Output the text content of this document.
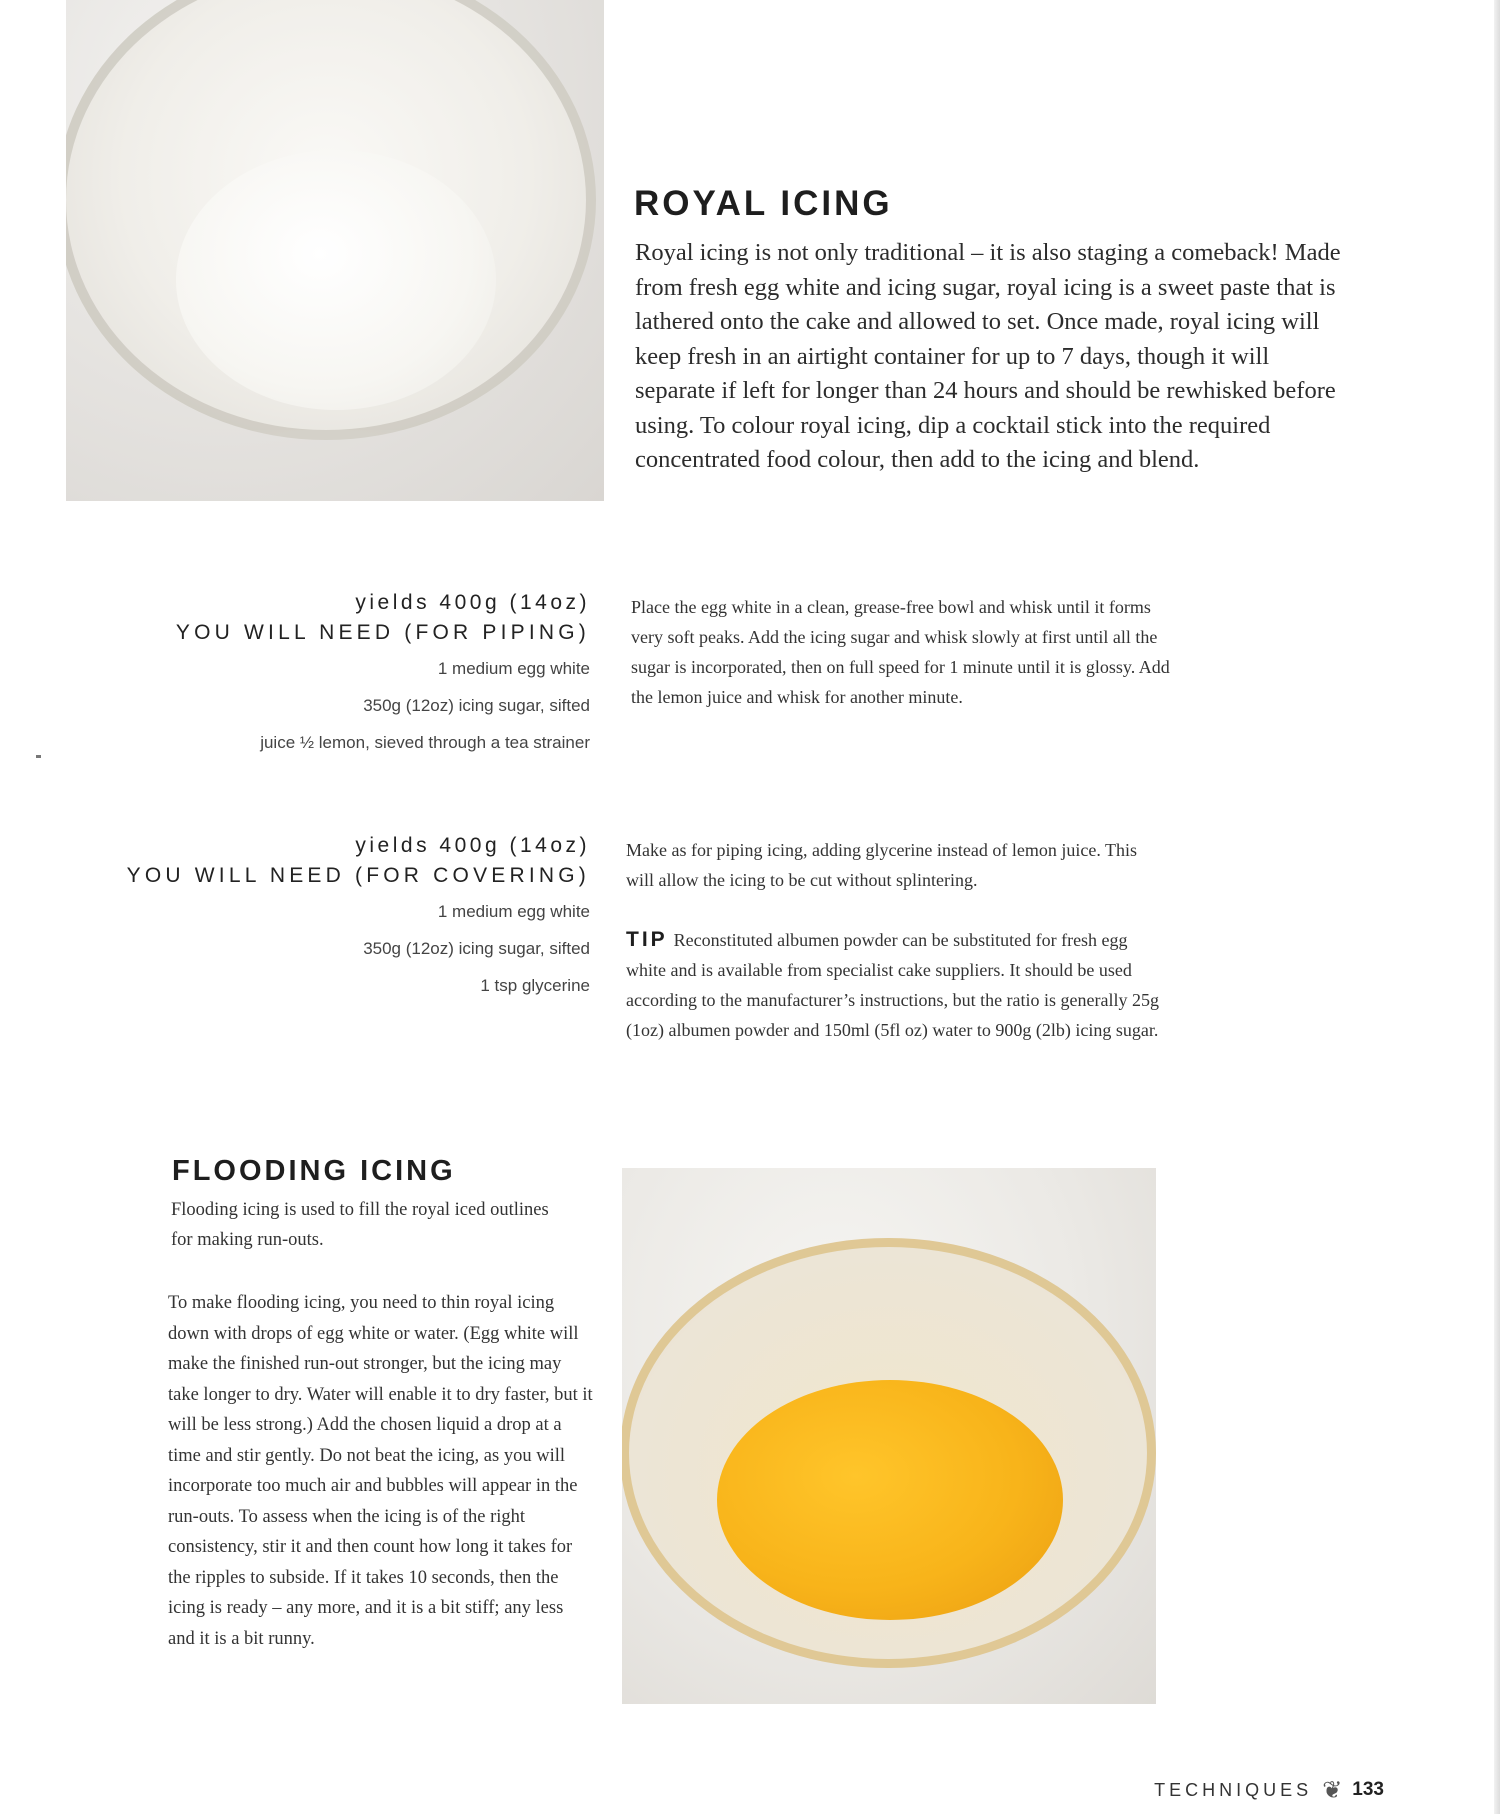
ROYAL ICING

Royal icing is not only traditional – it is also staging a comeback! Made from fresh egg white and icing sugar, royal icing is a sweet paste that is lathered onto the cake and allowed to set. Once made, royal icing will keep fresh in an airtight container for up to 7 days, though it will separate if left for longer than 24 hours and should be rewhisked before using. To colour royal icing, dip a cocktail stick into the required concentrated food colour, then add to the icing and blend.

yields 400g (14oz)
YOU WILL NEED (FOR PIPING)
1 medium egg white
350g (12oz) icing sugar, sifted
juice ½ lemon, sieved through a tea strainer

Place the egg white in a clean, grease-free bowl and whisk until it forms very soft peaks. Add the icing sugar and whisk slowly at first until all the sugar is incorporated, then on full speed for 1 minute until it is glossy. Add the lemon juice and whisk for another minute.

yields 400g (14oz)
YOU WILL NEED (FOR COVERING)
1 medium egg white
350g (12oz) icing sugar, sifted
1 tsp glycerine

Make as for piping icing, adding glycerine instead of lemon juice. This will allow the icing to be cut without splintering.

TIP Reconstituted albumen powder can be substituted for fresh egg white and is available from specialist cake suppliers. It should be used according to the manufacturer’s instructions, but the ratio is generally 25g (1oz) albumen powder and 150ml (5fl oz) water to 900g (2lb) icing sugar.

FLOODING ICING

Flooding icing is used to fill the royal iced outlines for making run-outs.

To make flooding icing, you need to thin royal icing down with drops of egg white or water. (Egg white will make the finished run-out stronger, but the icing may take longer to dry. Water will enable it to dry faster, but it will be less strong.) Add the chosen liquid a drop at a time and stir gently. Do not beat the icing, as you will incorporate too much air and bubbles will appear in the run-outs. To assess when the icing is of the right consistency, stir it and then count how long it takes for the ripples to subside. If it takes 10 seconds, then the icing is ready – any more, and it is a bit stiff; any less and it is a bit runny.

TECHNIQUES ❦ 133
